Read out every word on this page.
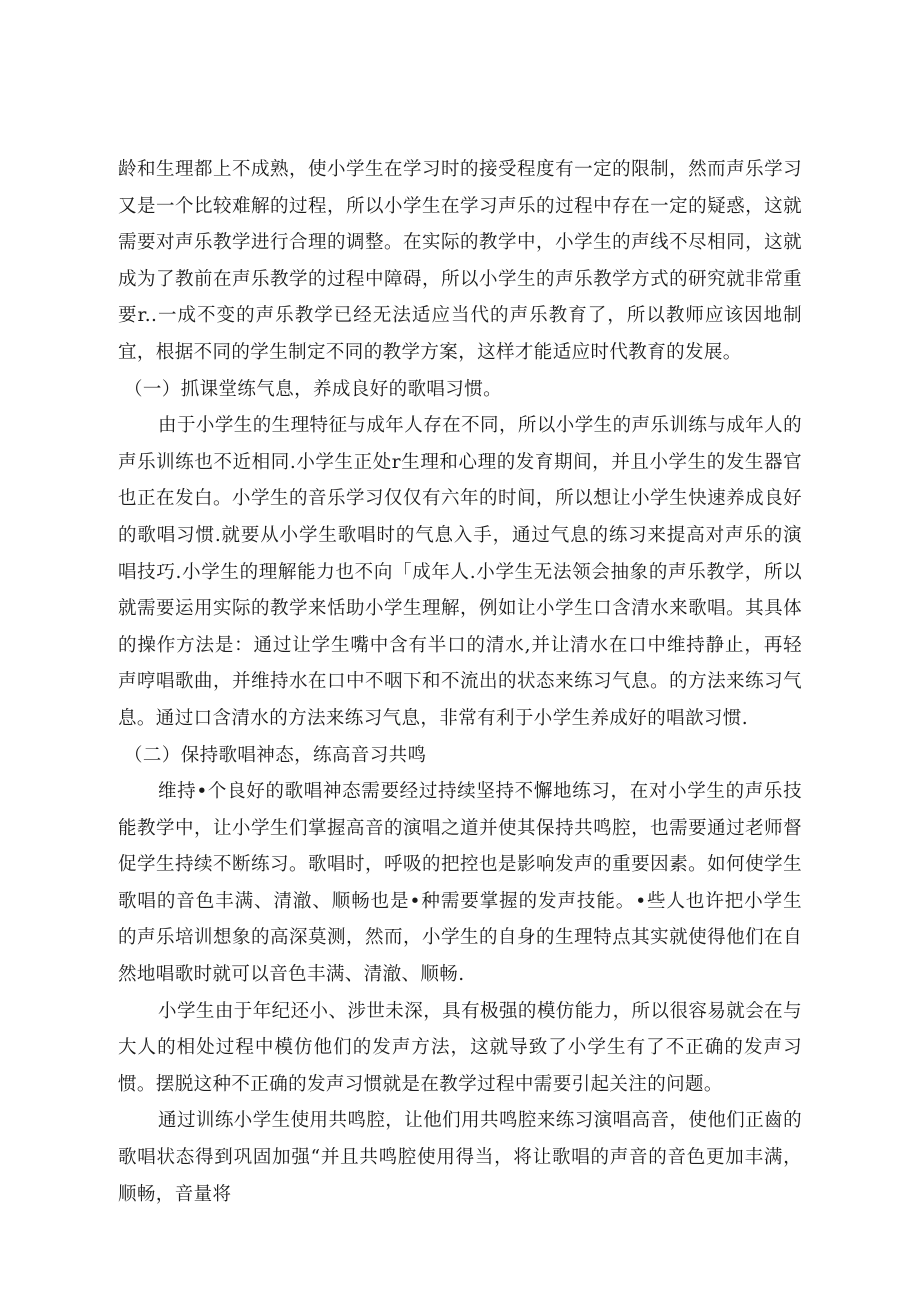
龄和生理都上不成熟，使小学生在学习时的接受程度有一定的限制，然而声乐学习又是一个比较难解的过程，所以小学生在学习声乐的过程中存在一定的疑惑，这就需要对声乐教学进行合理的调整。在实际的教学中，小学生的声线不尽相同，这就成为了教前在声乐教学的过程中障碍，所以小学生的声乐教学方式的研究就非常重要r..一成不变的声乐教学已经无法适应当代的声乐教育了，所以教师应该因地制宜，根据不同的学生制定不同的教学方案，这样才能适应时代教育的发展。

（一）抓课堂练气息，养成良好的歌唱习惯。

由于小学生的生理特征与成年人存在不同，所以小学生的声乐训练与成年人的声乐训练也不近相同.小学生正处r生理和心理的发育期间，并且小学生的发生器官也正在发白。小学生的音乐学习仅仅有六年的时间，所以想让小学生快速养成良好的歌唱习惯.就要从小学生歌唱时的气息入手，通过气息的练习来提高对声乐的演唱技巧.小学生的理解能力也不向「成年人.小学生无法领会抽象的声乐教学，所以就需要运用实际的教学来恬助小学生理解，例如让小学生口含清水来歌唱。其具体的操作方法是：通过让学生嘴中含有半口的清水,并让清水在口中维持静止，再轻声哼唱歌曲，并维持水在口中不咽下和不流出的状态来练习气息。的方法来练习气息。通过口含清水的方法来练习气息，非常有利于小学生养成好的唱歆习惯.

（二）保持歌唱神态，练高音习共鸣

维持•个良好的歌唱神态需要经过持续坚持不懈地练习，在对小学生的声乐技能教学中，让小学生们掌握高音的演唱之道并使其保持共鸣腔，也需要通过老师督促学生持续不断练习。歌唱时，呼吸的把控也是影响发声的重要因素。如何使学生歌唱的音色丰满、清澈、顺畅也是•种需要掌握的发声技能。•些人也许把小学生的声乐培训想象的高深莫测，然而，小学生的自身的生理特点其实就使得他们在自然地唱歌时就可以音色丰满、清澈、顺畅.

小学生由于年纪还小、涉世未深，具有极强的模仿能力，所以很容易就会在与大人的相处过程中模仿他们的发声方法，这就导致了小学生有了不正确的发声习惯。摆脱这种不正确的发声习惯就是在教学过程中需要引起关注的问题。

通过训练小学生使用共鸣腔，让他们用共鸣腔来练习演唱高音，使他们正齒的歌唱状态得到巩固加强“并且共鸣腔使用得当，将让歌唱的声音的音色更加丰满，顺畅，音量将
